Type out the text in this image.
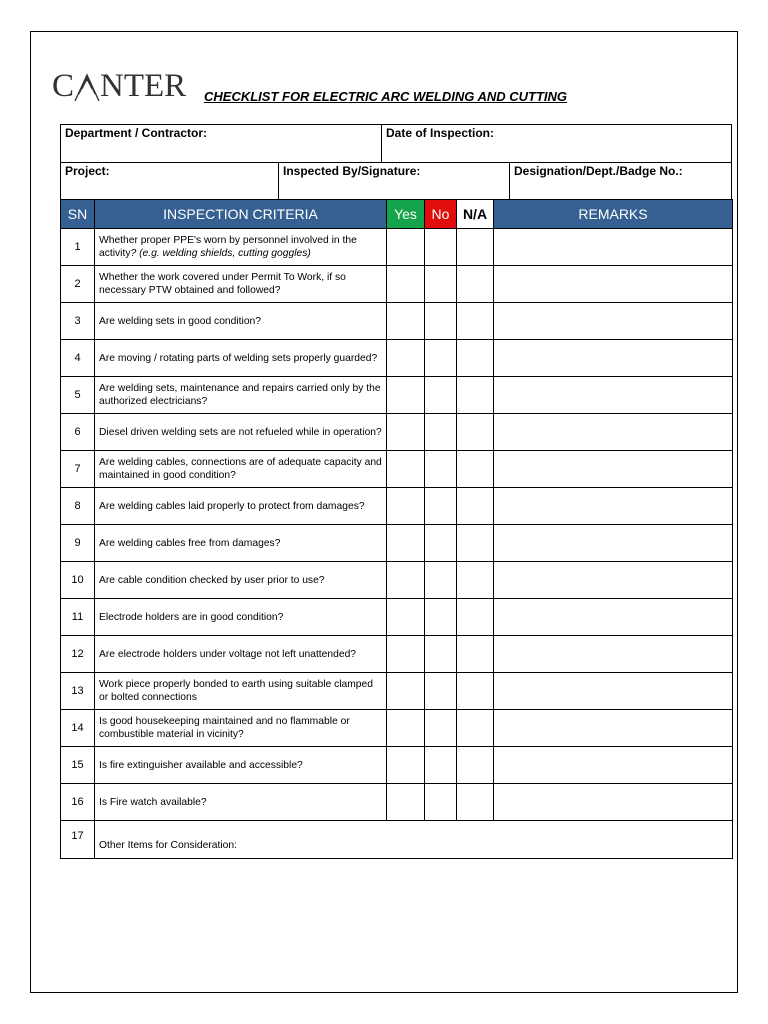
C NTER CHECKLIST FOR ELECTRIC ARC WELDING AND CUTTING
Department / Contractor:	Date of Inspection:
Project:	Inspected By/Signature:	Designation/Dept./Badge No.:
SN	INSPECTION CRITERIA	Yes	No	N/A	REMARKS
1	Whether proper PPE's worn by personnel involved in the activity? (e.g. welding shields, cutting goggles)				
2	Whether the work covered under Permit To Work, if so necessary PTW obtained and followed?				
3	Are welding sets in good condition?				
4	Are moving / rotating parts of welding sets properly guarded?				
5	Are welding sets, maintenance and repairs carried only by the authorized electricians?				
6	Diesel driven welding sets are not refueled while in operation?				
7	Are welding cables, connections are of adequate capacity and maintained in good condition?				
8	Are welding cables laid properly to protect from damages?				
9	Are welding cables free from damages?				
10	Are cable condition checked by user prior to use?				
11	Electrode holders are in good condition?				
12	Are electrode holders under voltage not left unattended?				
13	Work piece properly bonded to earth using suitable clamped or bolted connections				
14	Is good housekeeping maintained and no flammable or combustible material in vicinity?				
15	Is fire extinguisher available and accessible?				
16	Is Fire watch available?				
17	Other Items for Consideration:				
